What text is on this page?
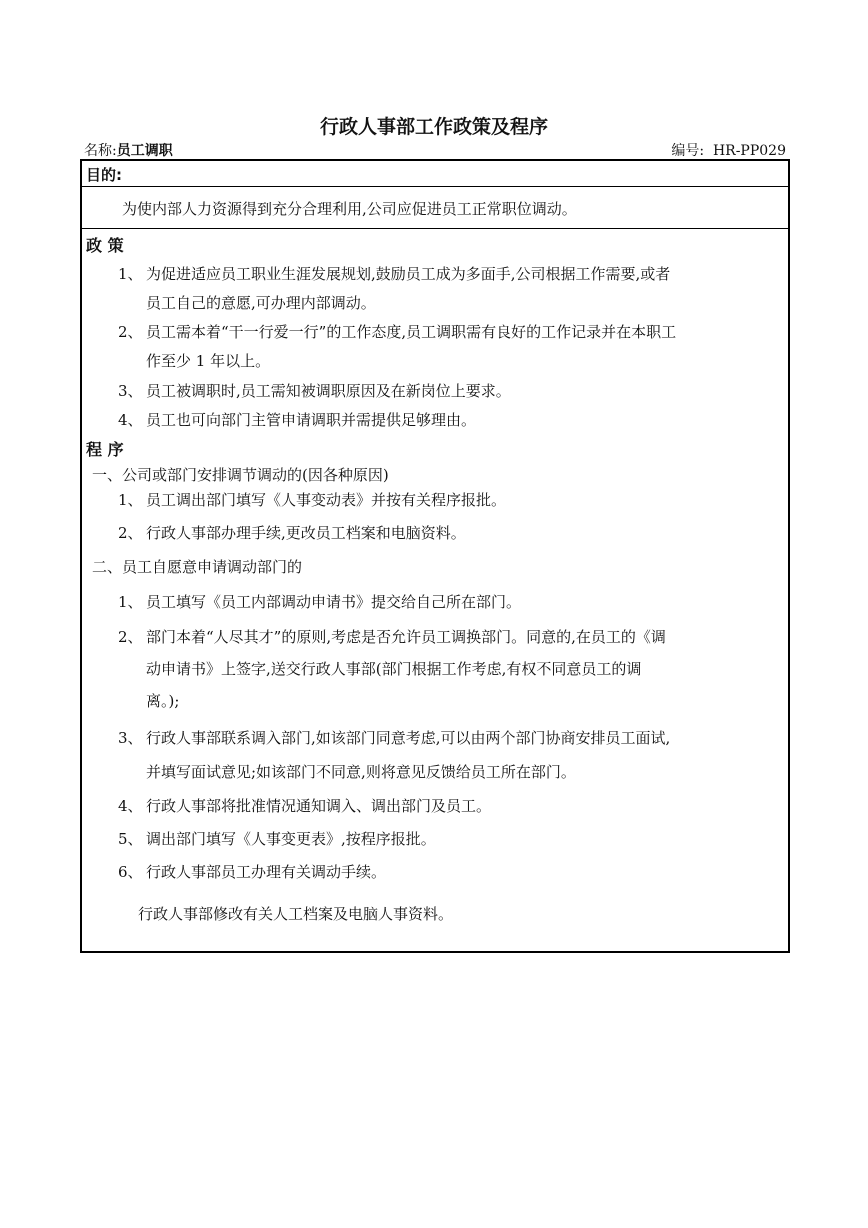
行政人事部工作政策及程序
名称:员工调职	编号: HR-PP029
目的:
为使内部人力资源得到充分合理利用,公司应促进员工正常职位调动。
政 策
1、 为促进适应员工职业生涯发展规划,鼓励员工成为多面手,公司根据工作需要,或者
员工自己的意愿,可办理内部调动。
2、 员工需本着“干一行爱一行”的工作态度,员工调职需有良好的工作记录并在本职工
作至少 1 年以上。
3、 员工被调职时,员工需知被调职原因及在新岗位上要求。
4、 员工也可向部门主管申请调职并需提供足够理由。
程 序
一、公司或部门安排调节调动的(因各种原因)
1、 员工调出部门填写《人事变动表》并按有关程序报批。
2、 行政人事部办理手续,更改员工档案和电脑资料。
二、员工自愿意申请调动部门的
1、 员工填写《员工内部调动申请书》提交给自己所在部门。
2、 部门本着“人尽其才”的原则,考虑是否允许员工调换部门。同意的,在员工的《调
动申请书》上签字,送交行政人事部(部门根据工作考虑,有权不同意员工的调
离。);
3、 行政人事部联系调入部门,如该部门同意考虑,可以由两个部门协商安排员工面试,
并填写面试意见;如该部门不同意,则将意见反馈给员工所在部门。
4、 行政人事部将批准情况通知调入、调出部门及员工。
5、 调出部门填写《人事变更表》,按程序报批。
6、 行政人事部员工办理有关调动手续。
行政人事部修改有关人工档案及电脑人事资料。
